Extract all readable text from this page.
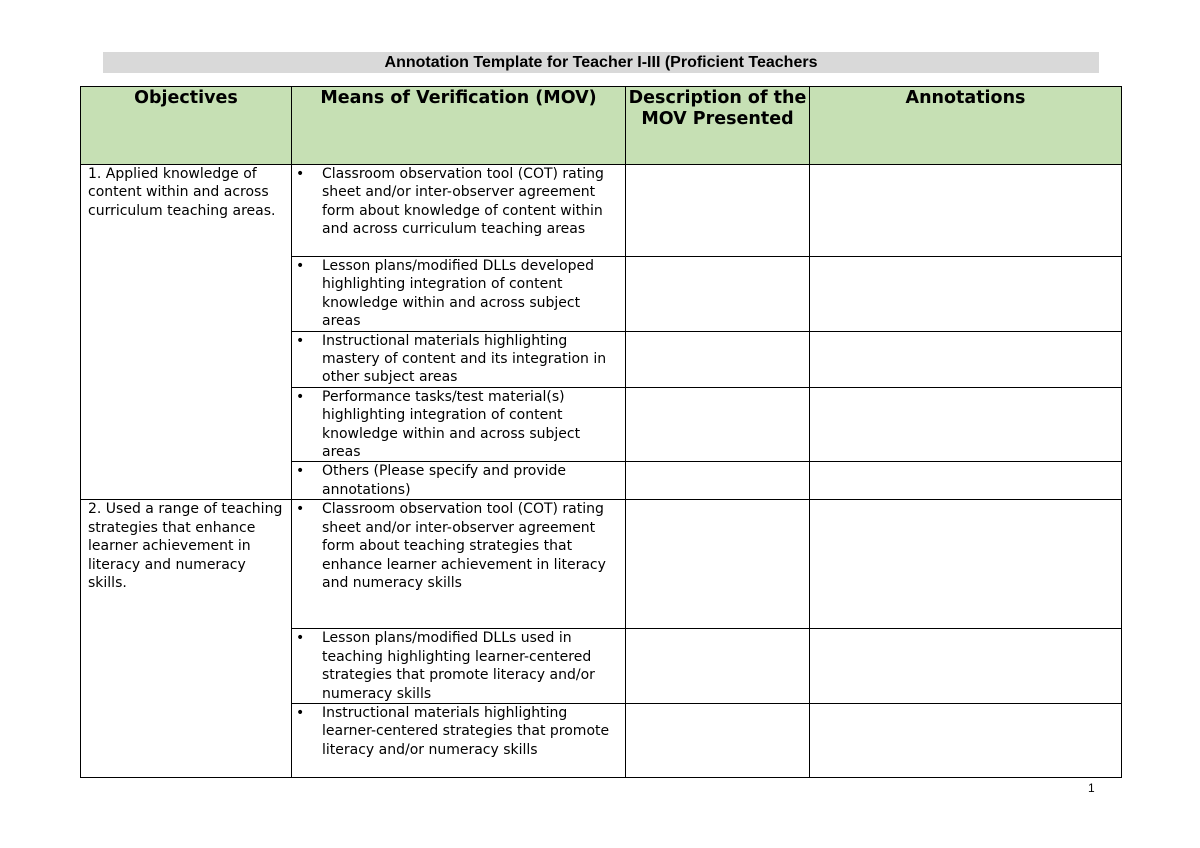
Annotation Template for Teacher I-III (Proficient Teachers
Objectives	Means of Verification (MOV)	Description of the MOV Presented	Annotations
1. Applied knowledge of content within and across curriculum teaching areas.	• Classroom observation tool (COT) rating sheet and/or inter-observer agreement form about knowledge of content within and across curriculum teaching areas		

	• Lesson plans/modified DLLs developed highlighting integration of content knowledge within and across subject areas		

	• Instructional materials highlighting mastery of content and its integration in other subject areas		

	• Performance tasks/test material(s) highlighting integration of content knowledge within and across subject areas		

	• Others (Please specify and provide annotations)		

2. Used a range of teaching strategies that enhance learner achievement in literacy and numeracy skills.	• Classroom observation tool (COT) rating sheet and/or inter-observer agreement form about teaching strategies that enhance learner achievement in literacy and numeracy skills		

	• Lesson plans/modified DLLs used in teaching highlighting learner-centered strategies that promote literacy and/or numeracy skills		

	• Instructional materials highlighting learner-centered strategies that promote literacy and/or numeracy skills		

1
